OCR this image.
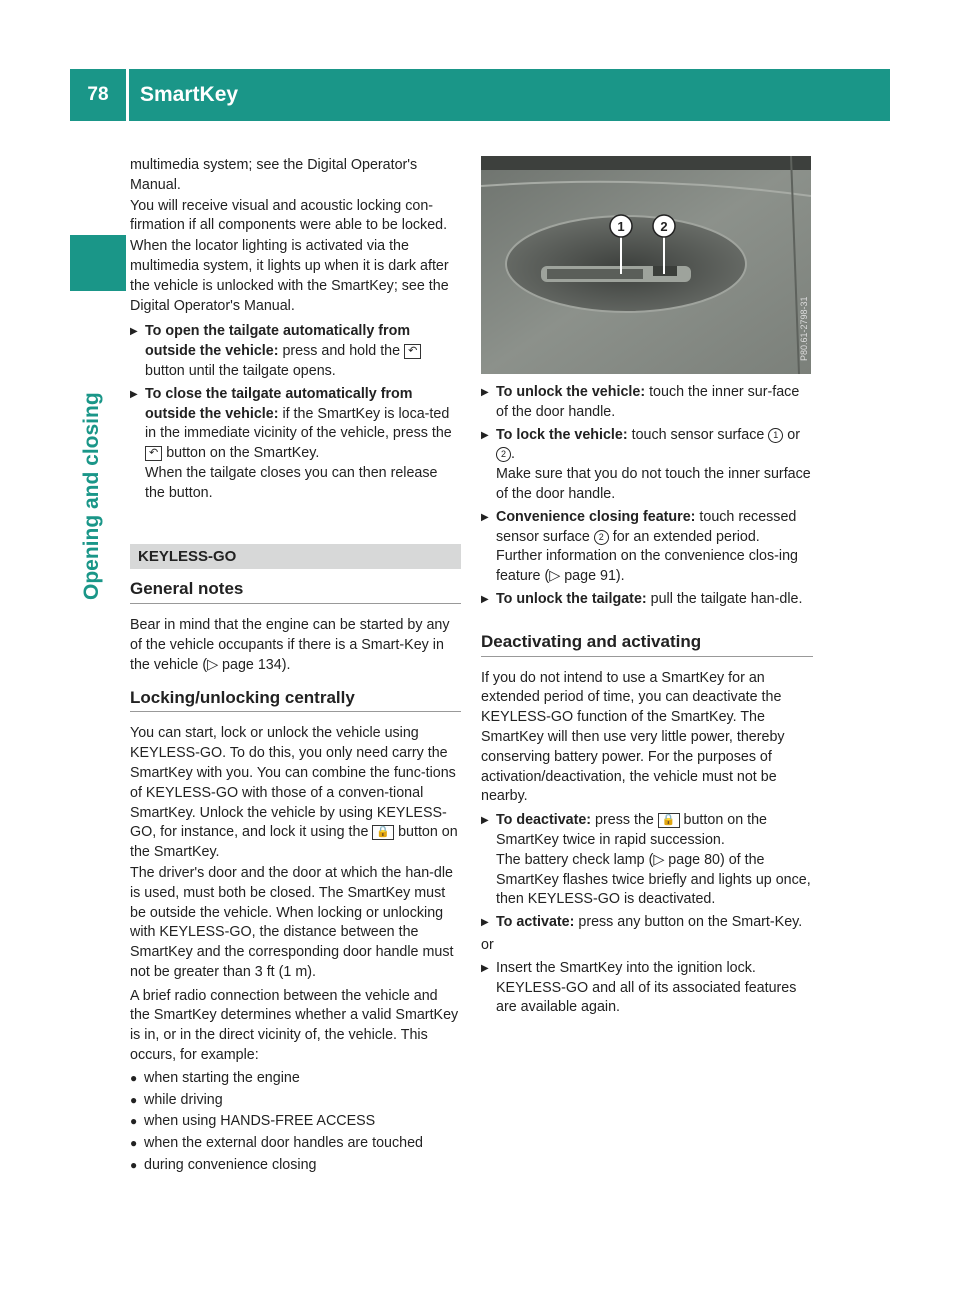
78	SmartKey
Opening and closing

multimedia system; see the Digital Operator's Manual.

You will receive visual and acoustic locking con-firmation if all components were able to be locked.

When the locator lighting is activated via the multimedia system, it lights up when it is dark after the vehicle is unlocked with the SmartKey; see the Digital Operator's Manual.

▶ To open the tailgate automatically from outside the vehicle: press and hold the ↶ button until the tailgate opens.
▶ To close the tailgate automatically from outside the vehicle: if the SmartKey is loca-ted in the immediate vicinity of the vehicle, press the ↶ button on the SmartKey.
When the tailgate closes you can then release the button.
KEYLESS-GO
General notes

Bear in mind that the engine can be started by any of the vehicle occupants if there is a Smart-Key in the vehicle (▷ page 134).

Locking/unlocking centrally

You can start, lock or unlock the vehicle using KEYLESS-GO. To do this, you only need carry the SmartKey with you. You can combine the func-tions of KEYLESS-GO with those of a conven-tional SmartKey. Unlock the vehicle by using KEYLESS-GO, for instance, and lock it using the 🔒 button on the SmartKey.

The driver's door and the door at which the han-dle is used, must both be closed. The SmartKey must be outside the vehicle. When locking or unlocking with KEYLESS-GO, the distance between the SmartKey and the corresponding door handle must not be greater than 3 ft (1 m).

A brief radio connection between the vehicle and the SmartKey determines whether a valid SmartKey is in, or in the direct vicinity of, the vehicle. This occurs, for example:

● when starting the engine
● while driving
● when using HANDS-FREE ACCESS
● when the external door handles are touched
● during convenience closing
1	2
P80.61-2798-31
▶ To unlock the vehicle: touch the inner sur-face of the door handle.
▶ To lock the vehicle: touch sensor surface 1 or 2 .
Make sure that you do not touch the inner surface of the door handle.
▶ Convenience closing feature: touch recessed sensor surface 2 for an extended period.
Further information on the convenience clos-ing feature (▷ page 91).
▶ To unlock the tailgate: pull the tailgate han-dle.
Deactivating and activating

If you do not intend to use a SmartKey for an extended period of time, you can deactivate the KEYLESS-GO function of the SmartKey. The SmartKey will then use very little power, thereby conserving battery power. For the purposes of activation/deactivation, the vehicle must not be nearby.

▶ To deactivate: press the 🔒 button on the SmartKey twice in rapid succession.
The battery check lamp (▷ page 80) of the SmartKey flashes twice briefly and lights up once, then KEYLESS-GO is deactivated.
▶ To activate: press any button on the Smart-Key.

or

▶ Insert the SmartKey into the ignition lock.
KEYLESS-GO and all of its associated features are available again.
